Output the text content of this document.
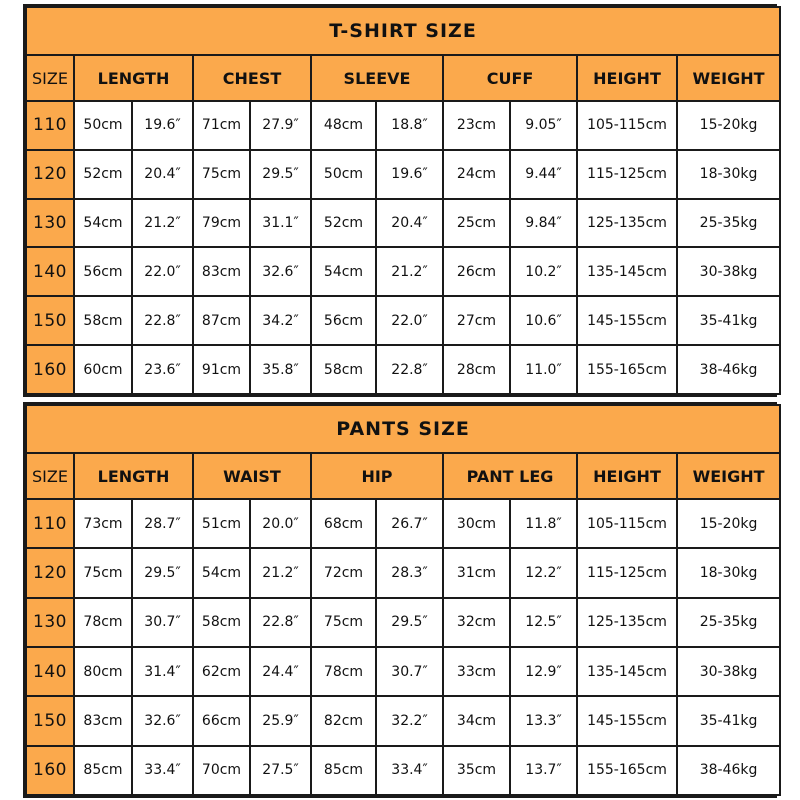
T-SHIRT SIZE										
SIZE	LENGTH		CHEST		SLEEVE		CUFF		HEIGHT	WEIGHT
110	50cm	19.6″	71cm	27.9″	48cm	18.8″	23cm	9.05″	105-115cm	15-20kg
120	52cm	20.4″	75cm	29.5″	50cm	19.6″	24cm	9.44″	115-125cm	18-30kg
130	54cm	21.2″	79cm	31.1″	52cm	20.4″	25cm	9.84″	125-135cm	25-35kg
140	56cm	22.0″	83cm	32.6″	54cm	21.2″	26cm	10.2″	135-145cm	30-38kg
150	58cm	22.8″	87cm	34.2″	56cm	22.0″	27cm	10.6″	145-155cm	35-41kg
160	60cm	23.6″	91cm	35.8″	58cm	22.8″	28cm	11.0″	155-165cm	38-46kg
PANTS SIZE										
SIZE	LENGTH		WAIST		HIP		PANT LEG		HEIGHT	WEIGHT
110	73cm	28.7″	51cm	20.0″	68cm	26.7″	30cm	11.8″	105-115cm	15-20kg
120	75cm	29.5″	54cm	21.2″	72cm	28.3″	31cm	12.2″	115-125cm	18-30kg
130	78cm	30.7″	58cm	22.8″	75cm	29.5″	32cm	12.5″	125-135cm	25-35kg
140	80cm	31.4″	62cm	24.4″	78cm	30.7″	33cm	12.9″	135-145cm	30-38kg
150	83cm	32.6″	66cm	25.9″	82cm	32.2″	34cm	13.3″	145-155cm	35-41kg
160	85cm	33.4″	70cm	27.5″	85cm	33.4″	35cm	13.7″	155-165cm	38-46kg
